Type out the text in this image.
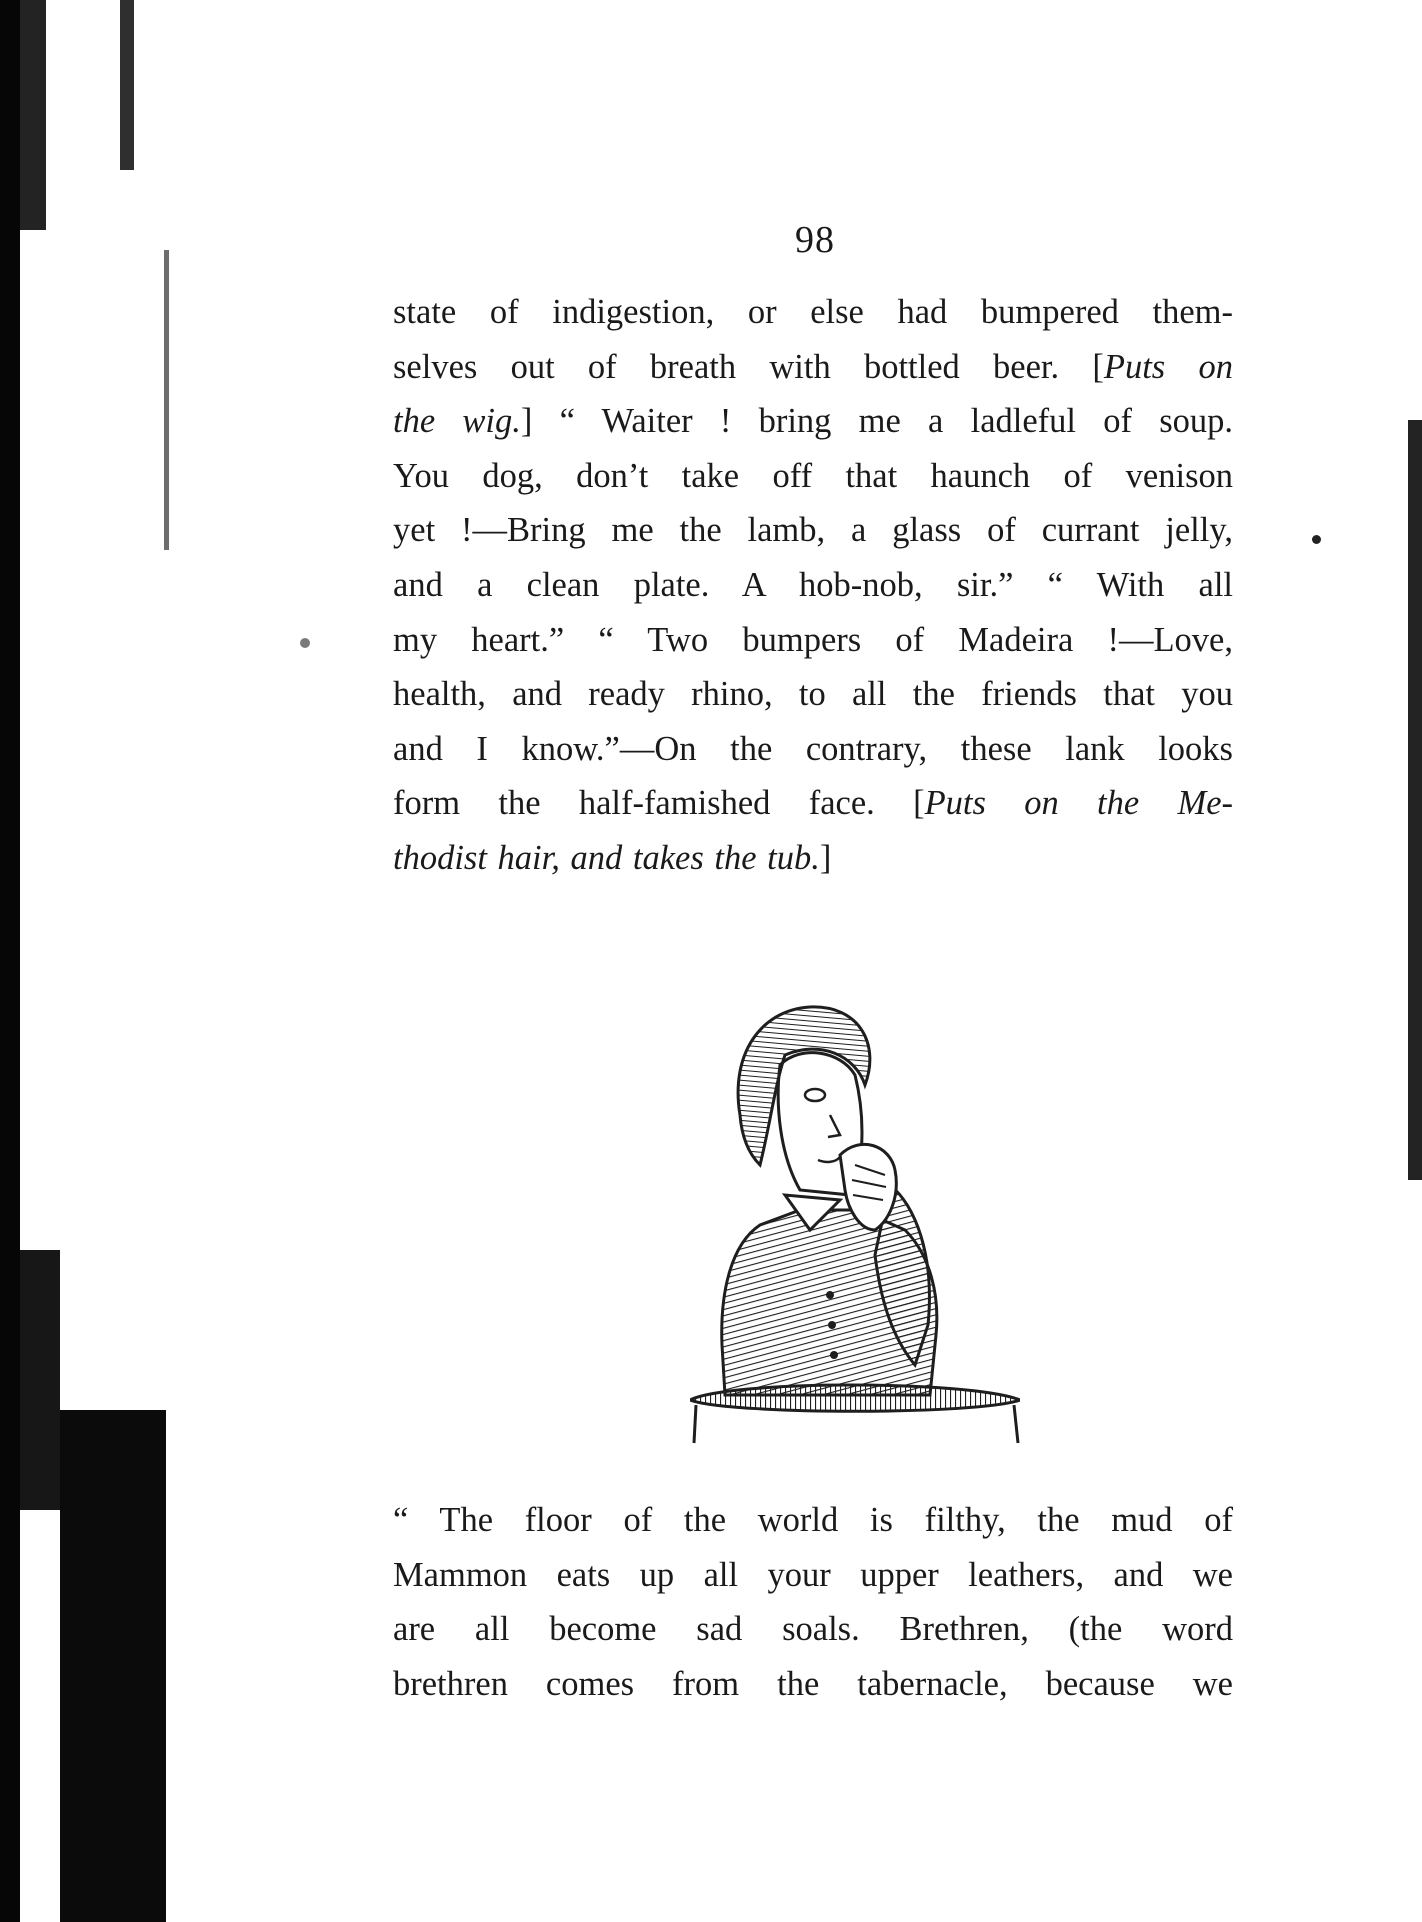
98
state of indigestion, or else had bumpered them-
selves out of breath with bottled beer. [Puts on
the wig.] “ Waiter ! bring me a ladleful of soup.
You dog, don’t take off that haunch of venison
yet !—Bring me the lamb, a glass of currant jelly,
and a clean plate. A hob-nob, sir.” “ With all
my heart.” “ Two bumpers of Madeira !—Love,
health, and ready rhino, to all the friends that you
and I know.”—On the contrary, these lank looks
form the half-famished face. [Puts on the Me-
thodist hair, and takes the tub.]
“ The floor of the world is filthy, the mud of
Mammon eats up all your upper leathers, and we
are all become sad soals. Brethren, (the word
brethren comes from the tabernacle, because we
